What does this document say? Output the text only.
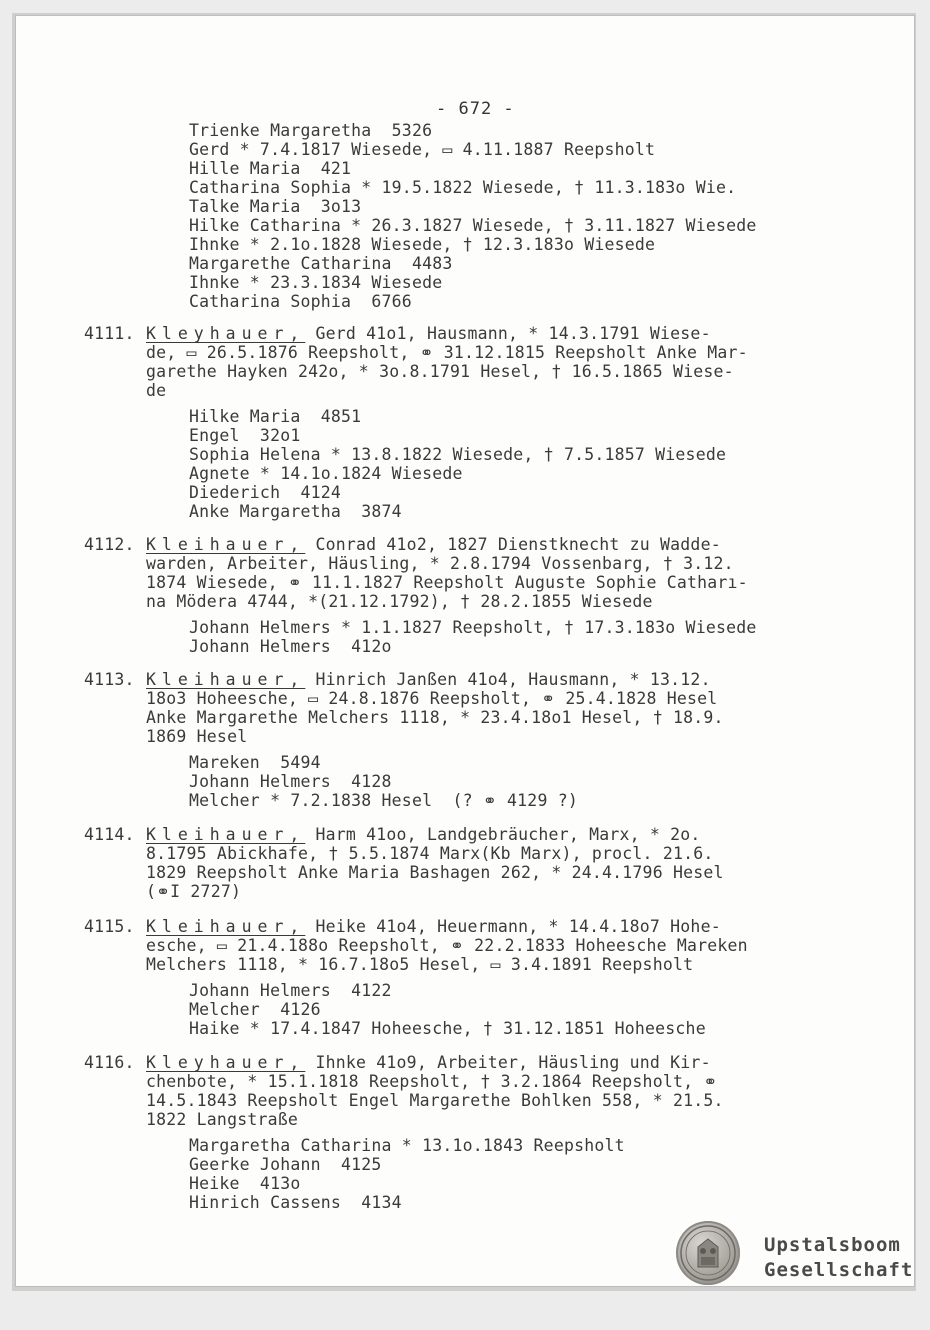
- 672 -

Trienke Margaretha  5326

Gerd * 7.4.1817 Wiesede, ▭ 4.11.1887 Reepsholt

Hille Maria  421

Catharina Sophia * 19.5.1822 Wiesede, † 11.3.183o Wie.

Talke Maria  3o13

Hilke Catharina * 26.3.1827 Wiesede, † 3.11.1827 Wiesede

Ihnke * 2.1o.1828 Wiesede, † 12.3.183o Wiesede

Margarethe Catharina  4483

Ihnke * 23.3.1834 Wiesede

Catharina Sophia  6766

4111.

Kleyhauer, Gerd 41o1, Hausmann, * 14.3.1791 Wiese-

de, ▭ 26.5.1876 Reepsholt, ⚭ 31.12.1815 Reepsholt Anke Mar-

garethe Hayken 242o, * 3o.8.1791 Hesel, † 16.5.1865 Wiese-

de

Hilke Maria  4851

Engel  32o1

Sophia Helena * 13.8.1822 Wiesede, † 7.5.1857 Wiesede

Agnete * 14.1o.1824 Wiesede

Diederich  4124

Anke Margaretha  3874

4112.

Kleihauer, Conrad 41o2, 1827 Dienstknecht zu Wadde-

warden, Arbeiter, Häusling, * 2.8.1794 Vossenbarg, † 3.12.

1874 Wiesede, ⚭ 11.1.1827 Reepsholt Auguste Sophie Catharı-

na Mödera 4744, *(21.12.1792), † 28.2.1855 Wiesede

Johann Helmers * 1.1.1827 Reepsholt, † 17.3.183o Wiesede

Johann Helmers  412o

4113.

Kleihauer, Hinrich Janßen 41o4, Hausmann, * 13.12.

18o3 Hoheesche, ▭ 24.8.1876 Reepsholt, ⚭ 25.4.1828 Hesel

Anke Margarethe Melchers 1118, * 23.4.18o1 Hesel, † 18.9.

1869 Hesel

Mareken  5494

Johann Helmers  4128

Melcher * 7.2.1838 Hesel  (? ⚭ 4129 ?)

4114.

Kleihauer, Harm 41oo, Landgebräucher, Marx, * 2o.

8.1795 Abickhafe, † 5.5.1874 Marx(Kb Marx), procl. 21.6.

1829 Reepsholt Anke Maria Bashagen 262, * 24.4.1796 Hesel

(⚭I 2727)

4115.

Kleihauer, Heike 41o4, Heuermann, * 14.4.18o7 Hohe-

esche, ▭ 21.4.188o Reepsholt, ⚭ 22.2.1833 Hoheesche Mareken

Melchers 1118, * 16.7.18o5 Hesel, ▭ 3.4.1891 Reepsholt

Johann Helmers  4122

Melcher  4126

Haike * 17.4.1847 Hoheesche, † 31.12.1851 Hoheesche

4116.

Kleyhauer, Ihnke 41o9, Arbeiter, Häusling und Kir-

chenbote, * 15.1.1818 Reepsholt, † 3.2.1864 Reepsholt, ⚭

14.5.1843 Reepsholt Engel Margarethe Bohlken 558, * 21.5.

1822 Langstraße

Margaretha Catharina * 13.1o.1843 Reepsholt

Geerke Johann  4125

Heike  413o

Hinrich Cassens  4134

Upstalsboom
Gesellschaft
